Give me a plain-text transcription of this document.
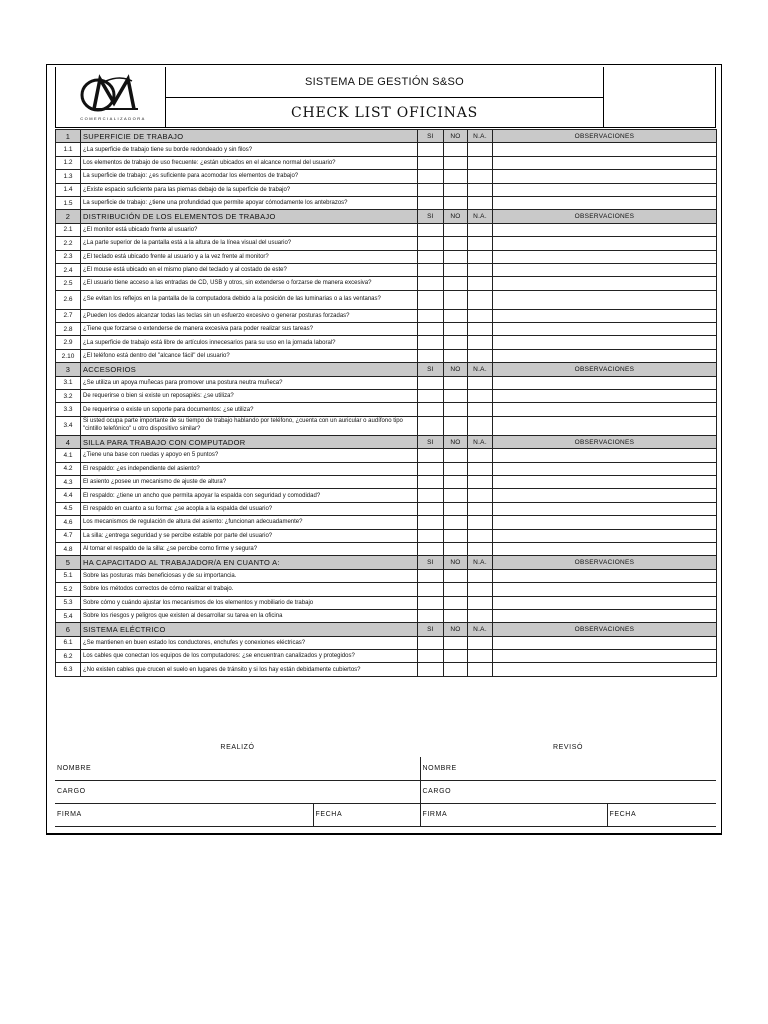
COMERCIALIZADORA
SISTEMA DE GESTIÓN S&SO
CHECK LIST OFICINAS
1	SUPERFICIE DE TRABAJO	SI	NO	N.A.	OBSERVACIONES
1.1	¿La superficie de trabajo tiene su borde redondeado y sin filos?				
1.2	Los elementos de trabajo de uso frecuente: ¿están ubicados en el alcance normal del usuario?				
1.3	La superficie de trabajo: ¿es suficiente para acomodar los elementos de trabajo?				
1.4	¿Existe espacio suficiente para las piernas debajo de la superficie de trabajo?				
1.5	La superficie de trabajo: ¿tiene una profundidad que permite apoyar cómodamente los antebrazos?				
2	DISTRIBUCIÓN DE LOS ELEMENTOS DE TRABAJO	SI	NO	N.A.	OBSERVACIONES
2.1	¿El monitor está ubicado frente al usuario?				
2.2	¿La parte superior de la pantalla está a la altura de la línea visual del usuario?				
2.3	¿El teclado está ubicado frente al usuario y a la vez frente al monitor?				
2.4	¿El mouse está ubicado en el mismo plano del teclado y al costado de este?				
2.5	¿El usuario tiene acceso a las entradas de CD, USB y otros, sin extenderse o forzarse de manera excesiva?				
2.6	¿Se evitan los reflejos en la pantalla de la computadora debido a la posición de las luminarias o a las ventanas?				
2.7	¿Pueden los dedos alcanzar todas las teclas sin un esfuerzo excesivo o generar posturas forzadas?				
2.8	¿Tiene que forzarse o extenderse de manera excesiva para poder realizar sus tareas?				
2.9	¿La superficie de trabajo está libre de artículos innecesarios para su uso en la jornada laboral?				
2.10	¿El teléfono está dentro del "alcance fácil" del usuario?				
3	ACCESORIOS	SI	NO	N.A.	OBSERVACIONES
3.1	¿Se utiliza un apoya muñecas para promover una postura neutra muñeca?				
3.2	De requerirse o bien si existe un reposapiés: ¿se utiliza?				
3.3	De requerirse o existe un soporte para documentos: ¿se utiliza?				
3.4	Si usted ocupa parte importante de su tiempo de trabajo hablando por teléfono, ¿cuenta con un auricular o audífono tipo "cintillo telefónico" u otro dispositivo similar?				
4	SILLA PARA TRABAJO CON COMPUTADOR	SI	NO	N.A.	OBSERVACIONES
4.1	¿Tiene una base con ruedas y apoyo en 5 puntos?				
4.2	El respaldo: ¿es independiente del asiento?				
4.3	El asiento ¿posee un mecanismo de ajuste de altura?				
4.4	El respaldo: ¿tiene un ancho que permita apoyar la espalda con seguridad y comodidad?				
4.5	El respaldo en cuanto a su forma: ¿se acopla a la espalda del usuario?				
4.6	Los mecanismos de regulación de altura del asiento: ¿funcionan adecuadamente?				
4.7	La silla: ¿entrega seguridad y se percibe estable por parte del usuario?				
4.8	Al tomar el respaldo de la silla: ¿se percibe como firme y segura?				
5	HA CAPACITADO AL TRABAJADOR/A EN CUANTO A:	SI	NO	N.A.	OBSERVACIONES
5.1	Sobre las posturas más beneficiosas y de su importancia.				
5.2	Sobre los métodos correctos de cómo realizar el trabajo.				
5.3	Sobre cómo y cuándo ajustar los mecanismos de los elementos y mobiliario de trabajo				
5.4	Sobre los riesgos y peligros que existen al desarrollar su tarea en la oficina				
6	SISTEMA ELÉCTRICO	SI	NO	N.A.	OBSERVACIONES
6.1	¿Se mantienen en buen estado los conductores, enchufes y conexiones eléctricas?				
6.2	Los cables que conectan los equipos de los computadores: ¿se encuentran canalizados y protegidos?				
6.3	¿No existen cables que crucen el suelo en lugares de tránsito y si los hay están debidamente cubiertos?				
REALIZÓ		REVISÓ	
NOMBRE		NOMBRE	
CARGO		CARGO	
FIRMA	FECHA	FIRMA	FECHA
